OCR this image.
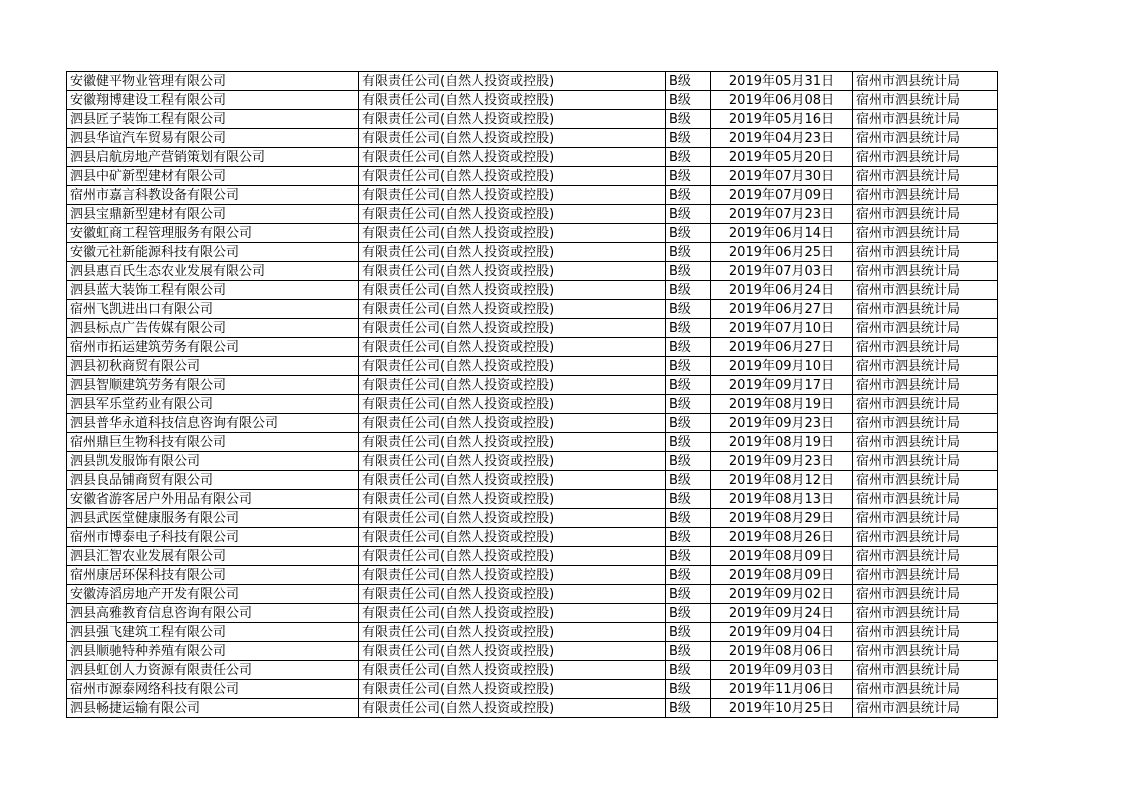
安徽健平物业管理有限公司	有限责任公司(自然人投资或控股)	B级	2019年05月31日	宿州市泗县统计局
安徽翔博建设工程有限公司	有限责任公司(自然人投资或控股)	B级	2019年06月08日	宿州市泗县统计局
泗县匠子装饰工程有限公司	有限责任公司(自然人投资或控股)	B级	2019年05月16日	宿州市泗县统计局
泗县华谊汽车贸易有限公司	有限责任公司(自然人投资或控股)	B级	2019年04月23日	宿州市泗县统计局
泗县启航房地产营销策划有限公司	有限责任公司(自然人投资或控股)	B级	2019年05月20日	宿州市泗县统计局
泗县中矿新型建材有限公司	有限责任公司(自然人投资或控股)	B级	2019年07月30日	宿州市泗县统计局
宿州市嘉言科教设备有限公司	有限责任公司(自然人投资或控股)	B级	2019年07月09日	宿州市泗县统计局
泗县宝鼎新型建材有限公司	有限责任公司(自然人投资或控股)	B级	2019年07月23日	宿州市泗县统计局
安徽虹商工程管理服务有限公司	有限责任公司(自然人投资或控股)	B级	2019年06月14日	宿州市泗县统计局
安徽元社新能源科技有限公司	有限责任公司(自然人投资或控股)	B级	2019年06月25日	宿州市泗县统计局
泗县惠百氏生态农业发展有限公司	有限责任公司(自然人投资或控股)	B级	2019年07月03日	宿州市泗县统计局
泗县蓝大装饰工程有限公司	有限责任公司(自然人投资或控股)	B级	2019年06月24日	宿州市泗县统计局
宿州飞凯进出口有限公司	有限责任公司(自然人投资或控股)	B级	2019年06月27日	宿州市泗县统计局
泗县标点广告传媒有限公司	有限责任公司(自然人投资或控股)	B级	2019年07月10日	宿州市泗县统计局
宿州市拓运建筑劳务有限公司	有限责任公司(自然人投资或控股)	B级	2019年06月27日	宿州市泗县统计局
泗县初秋商贸有限公司	有限责任公司(自然人投资或控股)	B级	2019年09月10日	宿州市泗县统计局
泗县智顺建筑劳务有限公司	有限责任公司(自然人投资或控股)	B级	2019年09月17日	宿州市泗县统计局
泗县军乐堂药业有限公司	有限责任公司(自然人投资或控股)	B级	2019年08月19日	宿州市泗县统计局
泗县普华永道科技信息咨询有限公司	有限责任公司(自然人投资或控股)	B级	2019年09月23日	宿州市泗县统计局
宿州鼎巨生物科技有限公司	有限责任公司(自然人投资或控股)	B级	2019年08月19日	宿州市泗县统计局
泗县凯发服饰有限公司	有限责任公司(自然人投资或控股)	B级	2019年09月23日	宿州市泗县统计局
泗县良品铺商贸有限公司	有限责任公司(自然人投资或控股)	B级	2019年08月12日	宿州市泗县统计局
安徽省游客居户外用品有限公司	有限责任公司(自然人投资或控股)	B级	2019年08月13日	宿州市泗县统计局
泗县武医堂健康服务有限公司	有限责任公司(自然人投资或控股)	B级	2019年08月29日	宿州市泗县统计局
宿州市博泰电子科技有限公司	有限责任公司(自然人投资或控股)	B级	2019年08月26日	宿州市泗县统计局
泗县汇智农业发展有限公司	有限责任公司(自然人投资或控股)	B级	2019年08月09日	宿州市泗县统计局
宿州康居环保科技有限公司	有限责任公司(自然人投资或控股)	B级	2019年08月09日	宿州市泗县统计局
安徽涛滔房地产开发有限公司	有限责任公司(自然人投资或控股)	B级	2019年09月02日	宿州市泗县统计局
泗县高雅教育信息咨询有限公司	有限责任公司(自然人投资或控股)	B级	2019年09月24日	宿州市泗县统计局
泗县强飞建筑工程有限公司	有限责任公司(自然人投资或控股)	B级	2019年09月04日	宿州市泗县统计局
泗县顺驰特种养殖有限公司	有限责任公司(自然人投资或控股)	B级	2019年08月06日	宿州市泗县统计局
泗县虹创人力资源有限责任公司	有限责任公司(自然人投资或控股)	B级	2019年09月03日	宿州市泗县统计局
宿州市源泰网络科技有限公司	有限责任公司(自然人投资或控股)	B级	2019年11月06日	宿州市泗县统计局
泗县畅捷运输有限公司	有限责任公司(自然人投资或控股)	B级	2019年10月25日	宿州市泗县统计局
